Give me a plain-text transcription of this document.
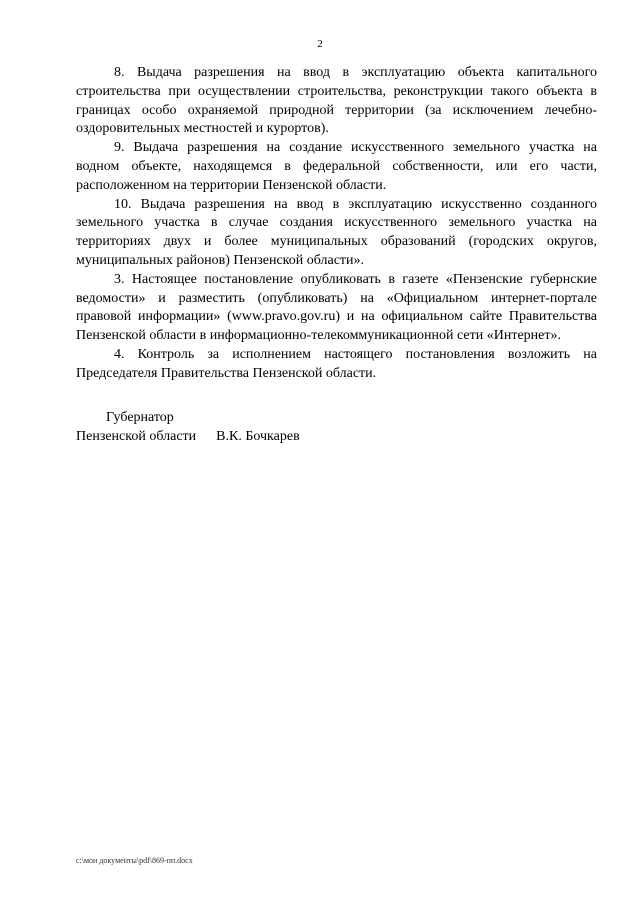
2

8. Выдача разрешения на ввод в эксплуатацию объекта капитального строительства при осуществлении строительства, реконструкции такого объекта в границах особо охраняемой природной территории (за исключением лечебно-оздоровительных местностей и курортов).

9. Выдача разрешения на создание искусственного земельного участка на водном объекте, находящемся в федеральной собственности, или его части, расположенном на территории Пензенской области.

10. Выдача разрешения на ввод в эксплуатацию искусственно созданного земельного участка в случае создания искусственного земельного участка на территориях двух и более муниципальных образований (городских округов, муниципальных районов) Пензенской области».

3. Настоящее постановление опубликовать в газете «Пензенские губернские ведомости» и разместить (опубликовать) на «Официальном интернет-портале правовой информации» (www.pravo.gov.ru) и на официальном сайте Правительства Пензенской области в информационно-телекоммуникационной сети «Интернет».

4. Контроль за исполнением настоящего постановления возложить на Председателя Правительства Пензенской области.

Губернатор
Пензенской области В.К. Бочкарев
c:\мои документы\pdf\869-пп.docx
